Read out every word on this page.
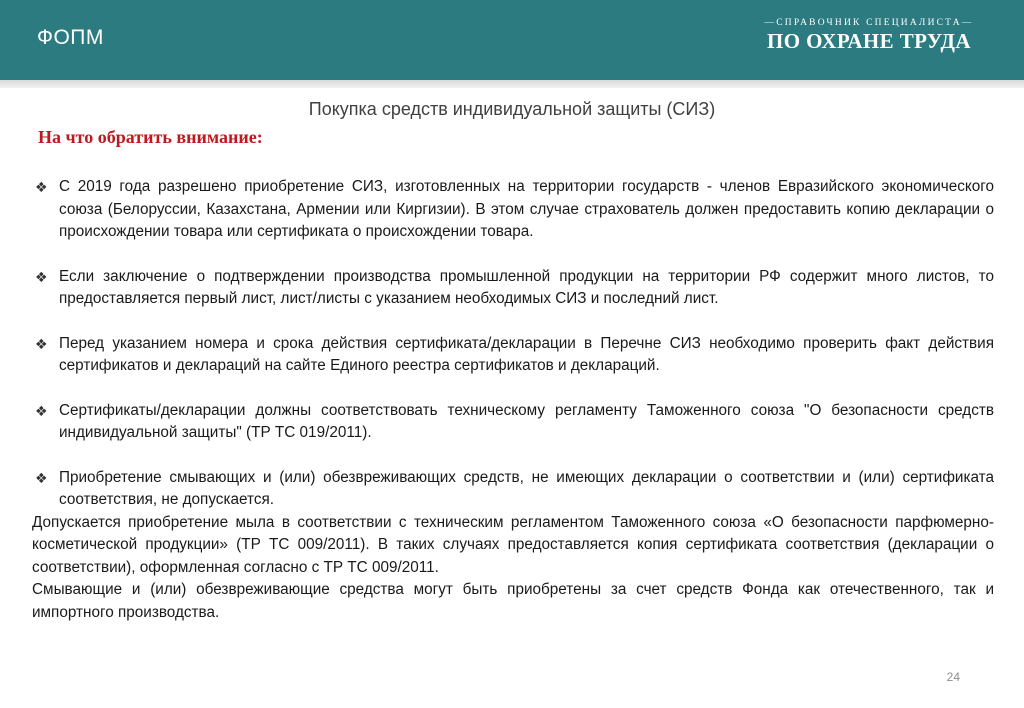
ФОПМ
—СПРАВОЧНИК СПЕЦИАЛИСТА—
ПО ОХРАНЕ ТРУДА
Покупка средств индивидуальной защиты (СИЗ)
На что обратить внимание:
❖ С 2019 года разрешено приобретение СИЗ, изготовленных на территории государств - членов Евразийского экономического союза (Белоруссии, Казахстана, Армении или Киргизии). В этом случае страхователь должен предоставить копию декларации о происхождении товара или сертификата о происхождении товара.
❖ Если заключение о подтверждении производства промышленной продукции на территории РФ содержит много листов, то предоставляется первый лист, лист/листы с указанием необходимых СИЗ и последний лист.
❖ Перед указанием номера и срока действия сертификата/декларации в Перечне СИЗ необходимо проверить факт действия сертификатов и деклараций на сайте Единого реестра сертификатов и деклараций.
❖ Сертификаты/декларации должны соответствовать техническому регламенту Таможенного союза "О безопасности средств индивидуальной защиты" (ТР ТС 019/2011).
❖ Приобретение смывающих и (или) обезвреживающих средств, не имеющих декларации о соответствии и (или) сертификата соответствия, не допускается.
Допускается приобретение мыла в соответствии с техническим регламентом Таможенного союза «О безопасности парфюмерно-косметической продукции» (ТР ТС 009/2011). В таких случаях предоставляется копия сертификата соответствия (декларации о соответствии), оформленная согласно с ТР ТС 009/2011.
Смывающие и (или) обезвреживающие средства могут быть приобретены за счет средств Фонда как отечественного, так и импортного производства.
24
